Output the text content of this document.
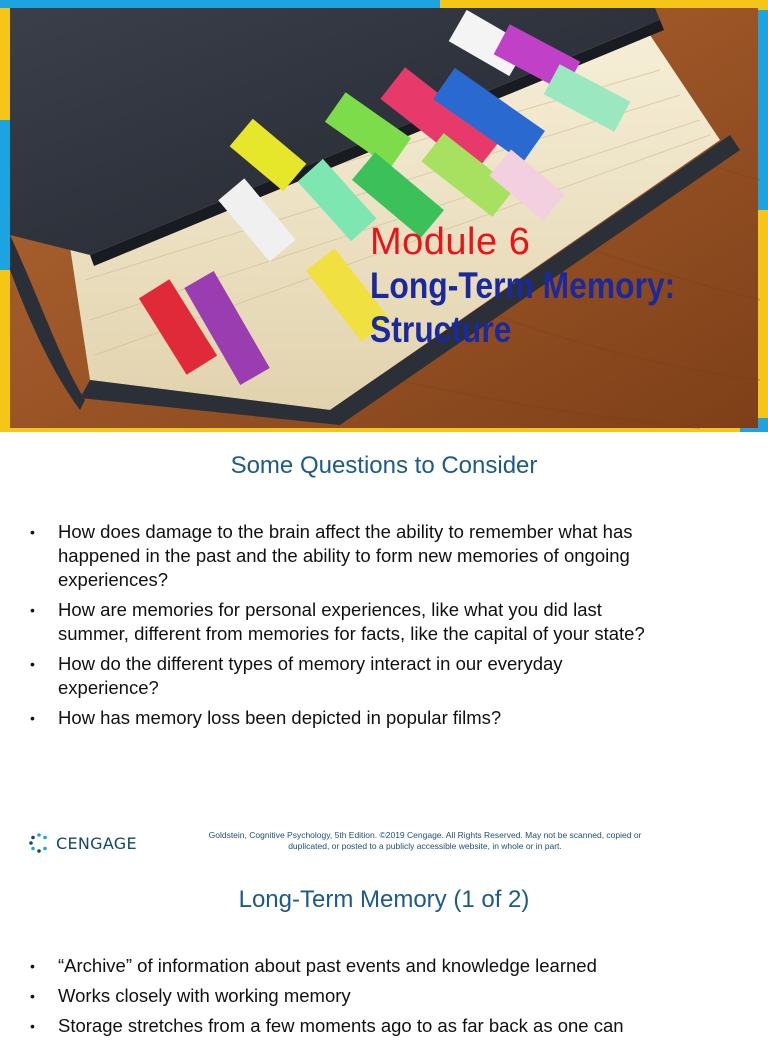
Module 6
Long-Term Memory:
Structure
Some Questions to Consider
• How does damage to the brain affect the ability to remember what has
happened in the past and the ability to form new memories of ongoing
experiences?
• How are memories for personal experiences, like what you did last
summer, different from memories for facts, like the capital of your state?
• How do the different types of memory interact in our everyday
experience?
• How has memory loss been depicted in popular films?
CENGAGE	Goldstein, Cognitive Psychology, 5th Edition. ©2019 Cengage. All Rights Reserved. May not be scanned, copied or
duplicated, or posted to a publicly accessible website, in whole or in part.
Long-Term Memory (1 of 2)
• “Archive” of information about past events and knowledge learned
• Works closely with working memory
• Storage stretches from a few moments ago to as far back as one can
